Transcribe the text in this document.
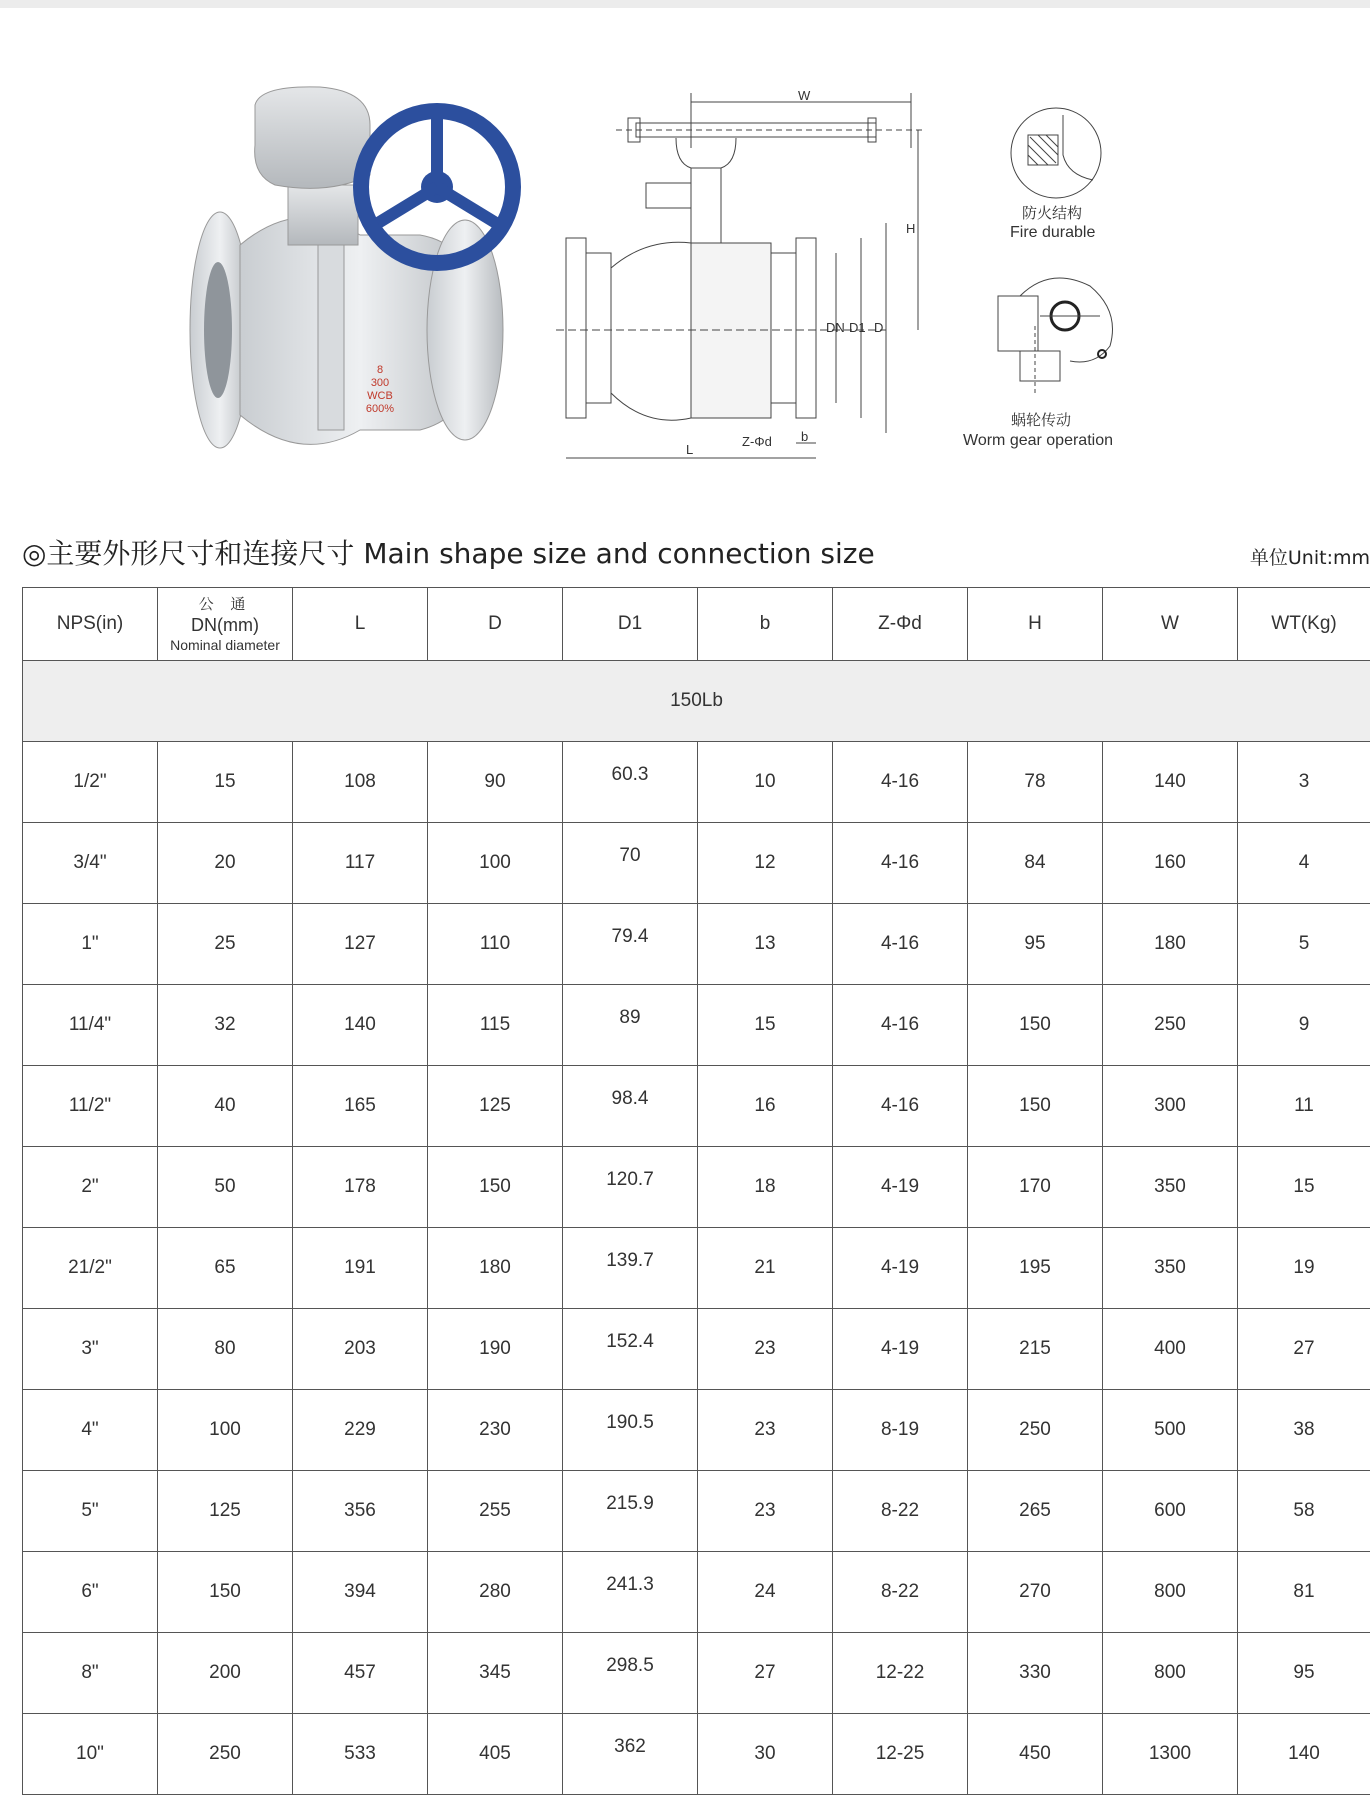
8
300
WCB
600%
W
H
DN D1 D
L
Z-Φd b
防火结构
Fire durable
蜗轮传动
Worm gear operation
◎主要外形尺寸和连接尺寸 Main shape size and connection size	单位Unit:mm
NPS(in)	公 通
DN(mm)
Nominal diameter	L	D	D1	b	Z-Φd	H	W	WT(Kg)
150Lb									
1/2"	15	108	90	60.3	10	4-16	78	140	3
3/4"	20	117	100	70	12	4-16	84	160	4
1"	25	127	110	79.4	13	4-16	95	180	5
11/4"	32	140	115	89	15	4-16	150	250	9
11/2"	40	165	125	98.4	16	4-16	150	300	11
2"	50	178	150	120.7	18	4-19	170	350	15
21/2"	65	191	180	139.7	21	4-19	195	350	19
3"	80	203	190	152.4	23	4-19	215	400	27
4"	100	229	230	190.5	23	8-19	250	500	38
5"	125	356	255	215.9	23	8-22	265	600	58
6"	150	394	280	241.3	24	8-22	270	800	81
8"	200	457	345	298.5	27	12-22	330	800	95
10"	250	533	405	362	30	12-25	450	1300	140
